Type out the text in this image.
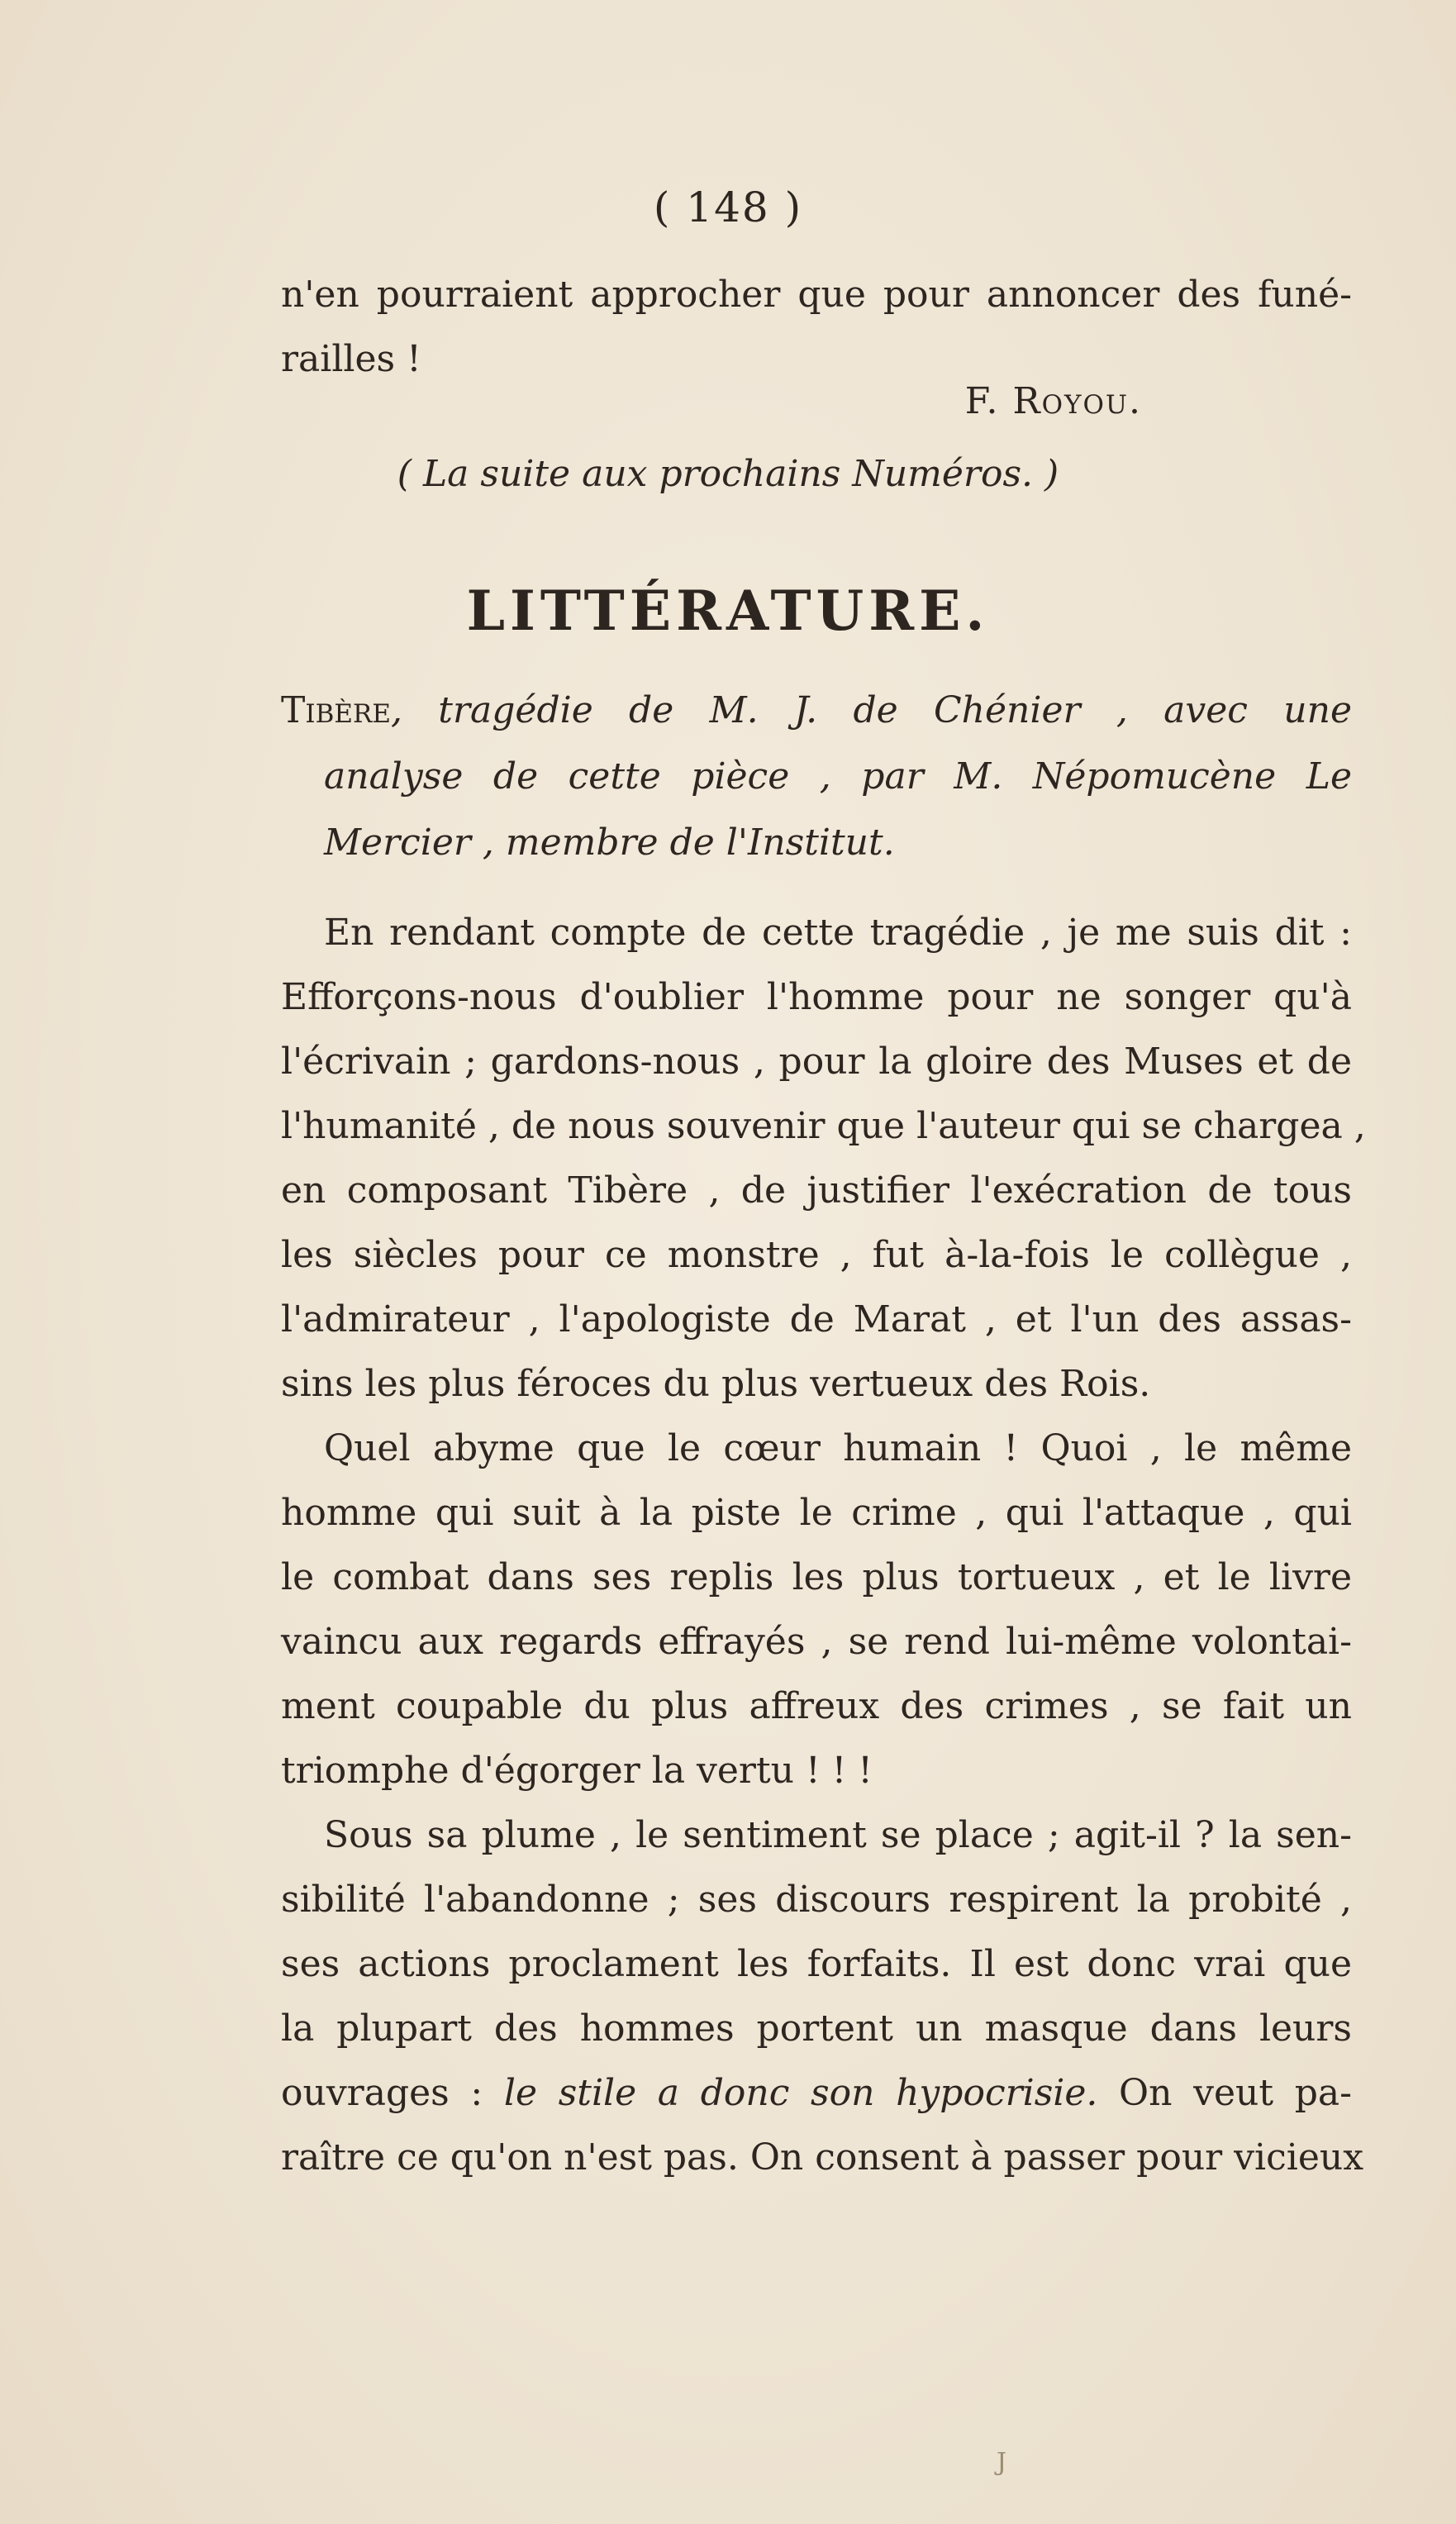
( 148 )
n'en pourraient approcher que pour annoncer des funé-
railles !
F. Royou.
( La suite aux prochains Numéros. )
LITTÉRATURE.
Tibère, tragédie de M. J. de Chénier , avec une
analyse de cette pièce , par M. Népomucène Le
Mercier , membre de l'Institut.
En rendant compte de cette tragédie , je me suis dit :
Efforçons-nous d'oublier l'homme pour ne songer qu'à
l'écrivain ; gardons-nous , pour la gloire des Muses et de
l'humanité , de nous souvenir que l'auteur qui se chargea ,
en composant Tibère , de justifier l'exécration de tous
les siècles pour ce monstre , fut à-la-fois le collègue ,
l'admirateur , l'apologiste de Marat , et l'un des assas-
sins les plus féroces du plus vertueux des Rois.
Quel abyme que le cœur humain ! Quoi , le même
homme qui suit à la piste le crime , qui l'attaque , qui
le combat dans ses replis les plus tortueux , et le livre
vaincu aux regards effrayés , se rend lui-même volontai-
ment coupable du plus affreux des crimes , se fait un
triomphe d'égorger la vertu ! ! !
Sous sa plume , le sentiment se place ; agit-il ? la sen-
sibilité l'abandonne ; ses discours respirent la probité ,
ses actions proclament les forfaits. Il est donc vrai que
la plupart des hommes portent un masque dans leurs
ouvrages : le stile a donc son hypocrisie. On veut pa-
raître ce qu'on n'est pas. On consent à passer pour vicieux
J
